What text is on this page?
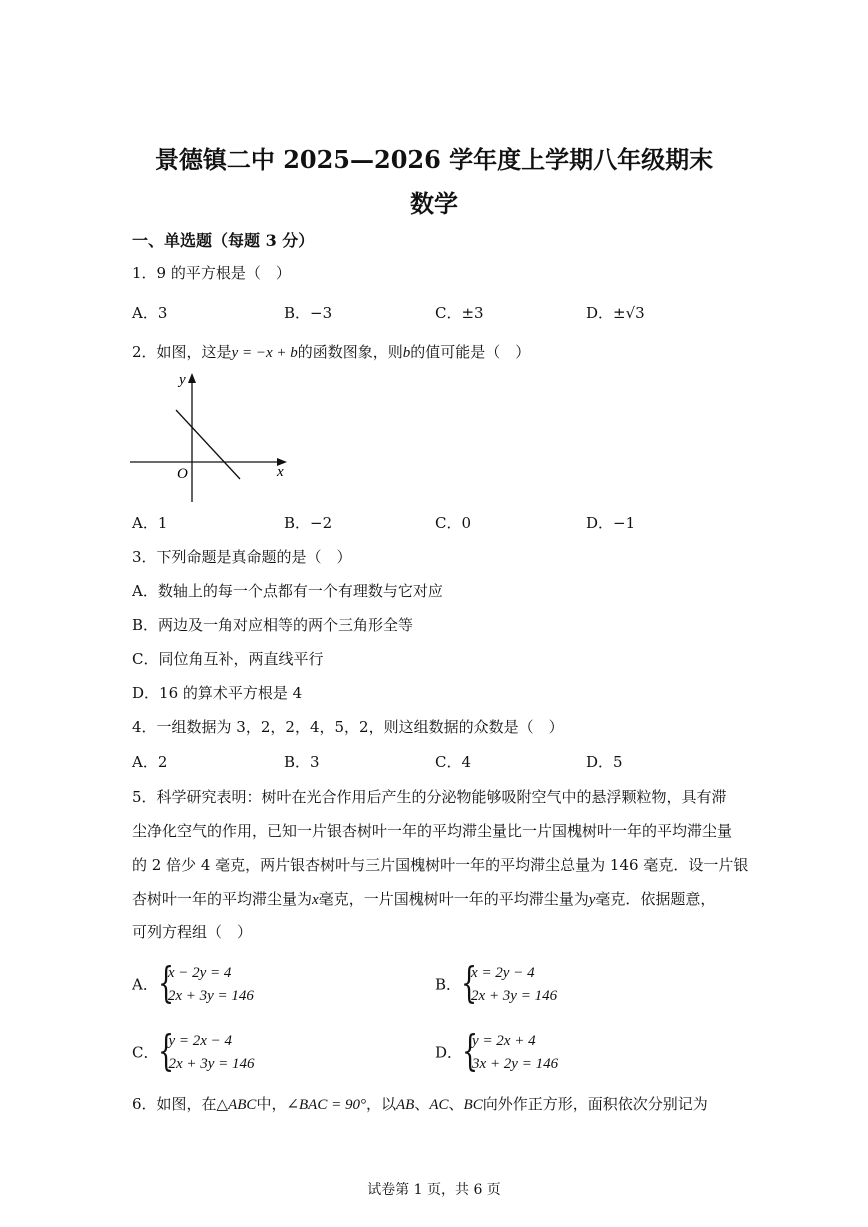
景德镇二中 2025—2026 学年度上学期八年级期末
数学
一、单选题（每题 3 分）
1．9 的平方根是（　）
A．3	B．−3	C．±3	D．±√3
2．如图，这是y = −x + b的函数图象，则b的值可能是（　）
y
x
O
A．1	B．−2	C．0	D．−1
3．下列命题是真命题的是（　）
A．数轴上的每一个点都有一个有理数与它对应
B．两边及一角对应相等的两个三角形全等
C．同位角互补，两直线平行
D．16 的算术平方根是 4
4．一组数据为 3，2，2，4，5，2，则这组数据的众数是（　）
A．2	B．3	C．4	D．5
5．科学研究表明：树叶在光合作用后产生的分泌物能够吸附空气中的悬浮颗粒物，具有滞
尘净化空气的作用，已知一片银杏树叶一年的平均滞尘量比一片国槐树叶一年的平均滞尘量
的 2 倍少 4 毫克，两片银杏树叶与三片国槐树叶一年的平均滞尘总量为 146 毫克．设一片银
杏树叶一年的平均滞尘量为x毫克，一片国槐树叶一年的平均滞尘量为y毫克．依据题意，
可列方程组（　）
A． {
x − 2y = 4
2x + 3y = 146
B． {
x = 2y − 4
2x + 3y = 146
C． {
y = 2x − 4
2x + 3y = 146
D． {
y = 2x + 4
3x + 2y = 146
6．如图，在△ABC中，∠BAC = 90°，以AB、AC、BC向外作正方形，面积依次分别记为
试卷第 1 页，共 6 页
